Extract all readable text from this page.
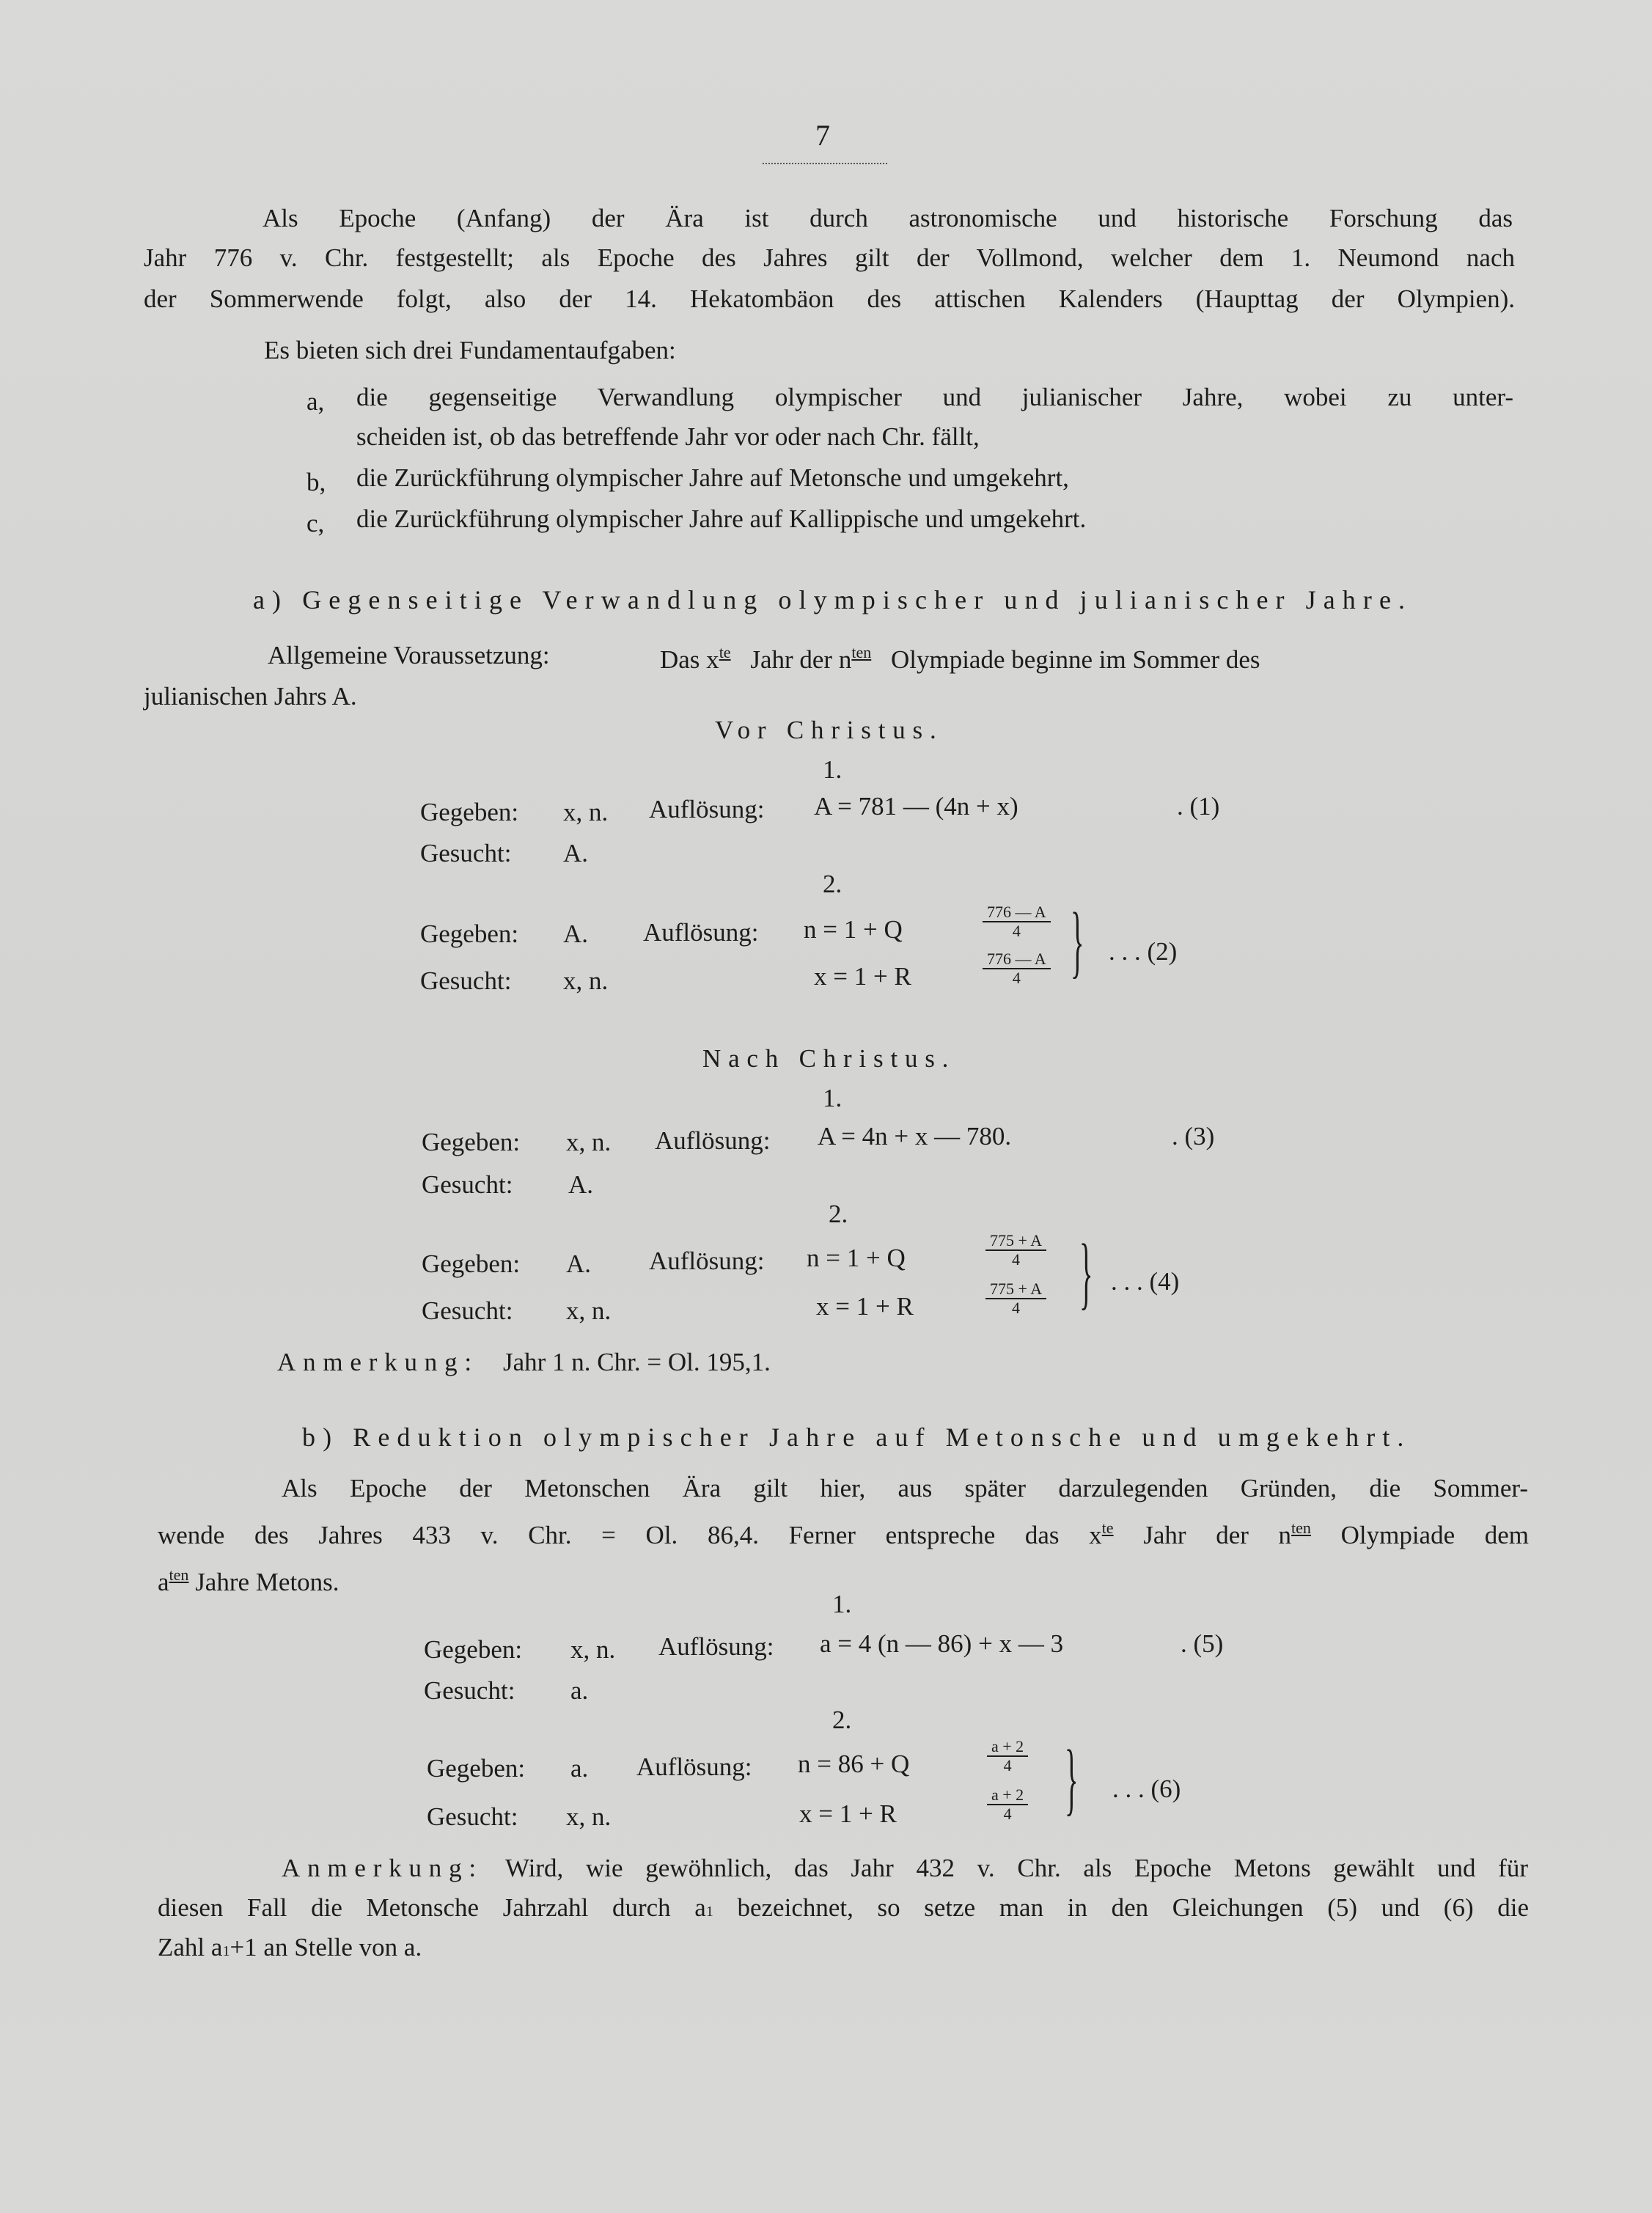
7
Als Epoche (Anfang) der Ära ist durch astronomische und historische Forschung das
Jahr 776 v. Chr. festgestellt; als Epoche des Jahres gilt der Vollmond, welcher dem 1. Neumond nach
der Sommerwende folgt, also der 14. Hekatombäon des attischen Kalenders (Haupttag der Olympien).
Es bieten sich drei Fundamentaufgaben:
a, die gegenseitige Verwandlung olympischer und julianischer Jahre, wobei zu unter-
scheiden ist, ob das betreffende Jahr vor oder nach Chr. fällt,
b, die Zurückführung olympischer Jahre auf Metonsche und umgekehrt,
c, die Zurückführung olympischer Jahre auf Kallippische und umgekehrt.
a) Gegenseitige Verwandlung olympischer und julianischer Jahre.
Allgemeine Voraussetzung:	Das $x^{te}$ Jahr der $n^{ten}$ Olympiade beginne im Sommer des
julianischen Jahrs A.
Vor Christus.
1.
Gegeben: x, n. Auflösung: A = 781 — (4n + x)	. (1)
Gesucht: A.
2.
Gegeben: A. Auflösung: n = 1 + Q	$\frac{776 — A}{4}$
Gesucht: x, n.	x = 1 + R	$\frac{776 — A}{4}$ } . . . (2)
Nach Christus.
1.
Gegeben: x, n. Auflösung: A = 4n + x — 780.	. (3)
Gesucht: A.
2.
Gegeben: A. Auflösung: n = 1 + Q	$\frac{775 + A}{4}$
Gesucht: x, n.	x = 1 + R	$\frac{775 + A}{4}$ } . . . (4)
Anmerkung: Jahr 1 n. Chr. = Ol. 195,1.
b) Reduktion olympischer Jahre auf Metonsche und umgekehrt.
Als Epoche der Metonschen Ära gilt hier, aus später darzulegenden Gründen, die Sommer-
wende des Jahres 433 v. Chr. = Ol. 86,4. Ferner entspreche das $x^{te}$ Jahr der $n^{ten}$ Olympiade dem
$a^{ten}$ Jahre Metons.
1.
Gegeben: x, n. Auflösung: a = 4 (n — 86) + x — 3	. (5)
Gesucht: a.
2.
Gegeben: a. Auflösung: n = 86 + Q	$\frac{a + 2}{4}$
Gesucht: x, n.	x = 1 + R	$\frac{a + 2}{4}$ } . . . (6)
Anmerkung: Wird, wie gewöhnlich, das Jahr 432 v. Chr. als Epoche Metons gewählt und für
diesen Fall die Metonsche Jahrzahl durch a1 bezeichnet, so setze man in den Gleichungen (5) und (6) die
Zahl a1+1 an Stelle von a.
